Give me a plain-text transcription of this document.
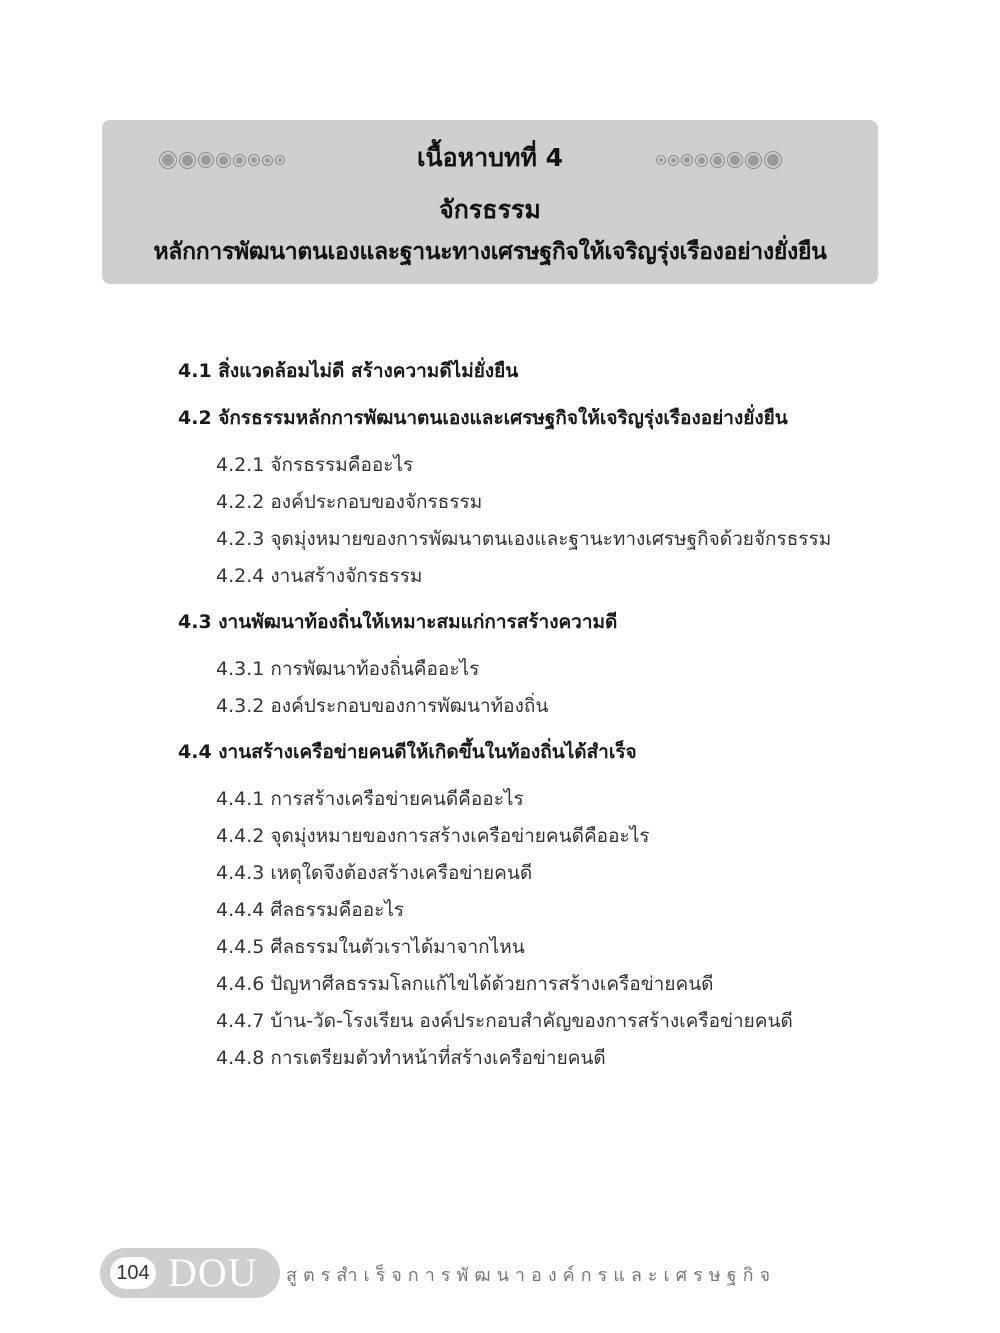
เนื้อหาบทที่ 4
จักรธรรม
หลักการพัฒนาตนเองและฐานะทางเศรษฐกิจให้เจริญรุ่งเรืองอย่างยั่งยืน
4.1 สิ่งแวดล้อมไม่ดี สร้างความดีไม่ยั่งยืน
4.2 จักรธรรมหลักการพัฒนาตนเองและเศรษฐกิจให้เจริญรุ่งเรืองอย่างยั่งยืน
4.2.1 จักรธรรมคืออะไร
4.2.2 องค์ประกอบของจักรธรรม
4.2.3 จุดมุ่งหมายของการพัฒนาตนเองและฐานะทางเศรษฐกิจด้วยจักรธรรม
4.2.4 งานสร้างจักรธรรม
4.3 งานพัฒนาท้องถิ่นให้เหมาะสมแก่การสร้างความดี
4.3.1 การพัฒนาท้องถิ่นคืออะไร
4.3.2 องค์ประกอบของการพัฒนาท้องถิ่น
4.4 งานสร้างเครือข่ายคนดีให้เกิดขึ้นในท้องถิ่นได้สำเร็จ
4.4.1 การสร้างเครือข่ายคนดีคืออะไร
4.4.2 จุดมุ่งหมายของการสร้างเครือข่ายคนดีคืออะไร
4.4.3 เหตุใดจึงต้องสร้างเครือข่ายคนดี
4.4.4 ศีลธรรมคืออะไร
4.4.5 ศีลธรรมในตัวเราได้มาจากไหน
4.4.6 ปัญหาศีลธรรมโลกแก้ไขได้ด้วยการสร้างเครือข่ายคนดี
4.4.7 บ้าน-วัด-โรงเรียน องค์ประกอบสำคัญของการสร้างเครือข่ายคนดี
4.4.8 การเตรียมตัวทำหน้าที่สร้างเครือข่ายคนดี
104 DOU สูตรสำเร็จการพัฒนาองค์กรและเศรษฐกิจ
